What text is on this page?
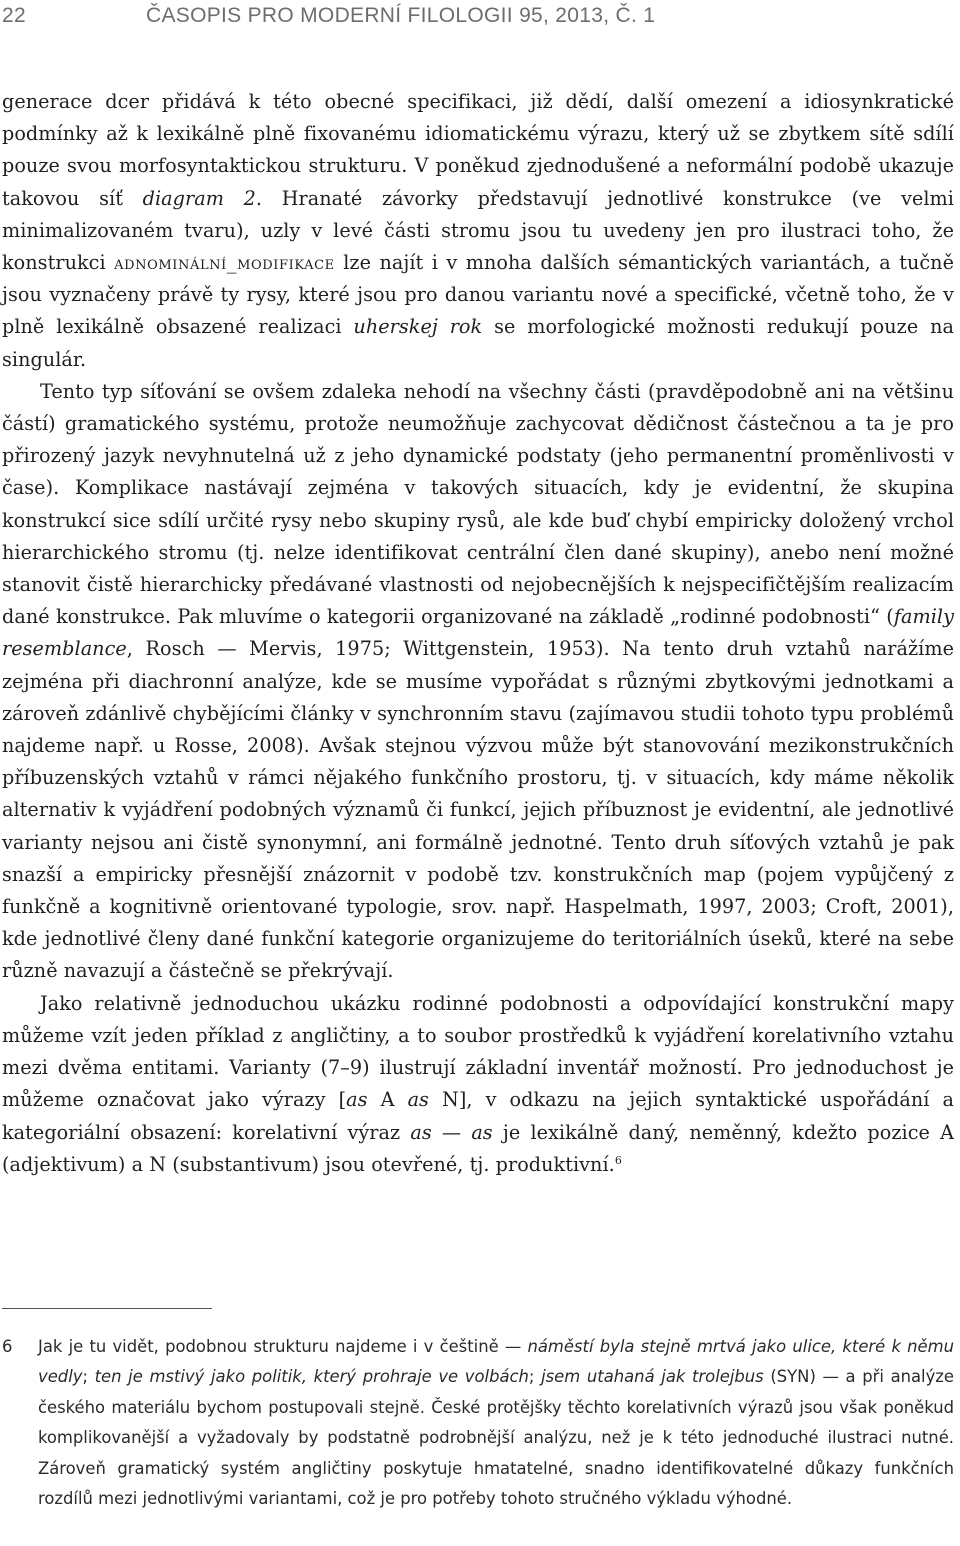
22	ČASOPIS PRO MODERNÍ FILOLOGII 95, 2013, Č. 1

generace dcer přidává k této obecné specifikaci, již dědí, další omezení a idiosynkratické podmínky až k lexikálně plně fixovanému idiomatickému výrazu, který už se zbytkem sítě sdílí pouze svou morfosyntaktickou strukturu. V poněkud zjednodušené a neformální podobě ukazuje takovou síť diagram 2. Hranaté závorky představují jednotlivé konstrukce (ve velmi minimalizovaném tvaru), uzly v levé části stromu jsou tu uvedeny jen pro ilustraci toho, že konstrukci adnominální_modifikace lze najít i v mnoha dalších sémantických variantách, a tučně jsou vyznačeny právě ty rysy, které jsou pro danou variantu nové a specifické, včetně toho, že v plně lexikálně obsazené realizaci uherskej rok se morfologické možnosti redukují pouze na singulár.

Tento typ síťování se ovšem zdaleka nehodí na všechny části (pravděpodobně ani na většinu částí) gramatického systému, protože neumožňuje zachycovat dědičnost částečnou a ta je pro přirozený jazyk nevyhnutelná už z jeho dynamické podstaty (jeho permanentní proměnlivosti v čase). Komplikace nastávají zejména v takových situacích, kdy je evidentní, že skupina konstrukcí sice sdílí určité rysy nebo skupiny rysů, ale kde buď chybí empiricky doložený vrchol hierarchického stromu (tj. nelze identifikovat centrální člen dané skupiny), anebo není možné stanovit čistě hierarchicky předávané vlastnosti od nejobecnějších k nejspecifičtějším realizacím dané konstrukce. Pak mluvíme o kategorii organizované na základě „rodinné podobnosti“ (family resemblance, Rosch — Mervis, 1975; Wittgenstein, 1953). Na tento druh vztahů narážíme zejména při diachronní analýze, kde se musíme vypořádat s různými zbytkovými jednotkami a zároveň zdánlivě chybějícími články v synchronním stavu (zajímavou studii tohoto typu problémů najdeme např. u Rosse, 2008). Avšak stejnou výzvou může být stanovování mezikonstrukčních příbuzenských vztahů v rámci nějakého funkčního prostoru, tj. v situacích, kdy máme několik alternativ k vyjádření podobných významů či funkcí, jejich příbuznost je evidentní, ale jednotlivé varianty nejsou ani čistě synonymní, ani formálně jednotné. Tento druh síťových vztahů je pak snazší a empiricky přesnější znázornit v podobě tzv. konstrukčních map (pojem vypůjčený z funkčně a kognitivně orientované typologie, srov. např. Haspelmath, 1997, 2003; Croft, 2001), kde jednotlivé členy dané funkční kategorie organizujeme do teritoriálních úseků, které na sebe různě navazují a částečně se překrývají.

Jako relativně jednoduchou ukázku rodinné podobnosti a odpovídající konstrukční mapy můžeme vzít jeden příklad z angličtiny, a to soubor prostředků k vyjádření korelativního vztahu mezi dvěma entitami. Varianty (7–9) ilustrují základní inventář možností. Pro jednoduchost je můžeme označovat jako výrazy [as A as N], v odkazu na jejich syntaktické uspořádání a kategoriální obsazení: korelativní výraz as — as je lexikálně daný, neměnný, kdežto pozice A (adjektivum) a N (substantivum) jsou otevřené, tj. produktivní.$^6$

6 Jak je tu vidět, podobnou strukturu najdeme i v češtině — náměstí byla stejně mrtvá jako ulice, které k němu vedly; ten je mstivý jako politik, který prohraje ve volbách; jsem utahaná jak trolejbus (SYN) — a při analýze českého materiálu bychom postupovali stejně. České protějšky těchto korelativních výrazů jsou však poněkud komplikovanější a vyžadovaly by podstatně podrobnější analýzu, než je k této jednoduché ilustraci nutné. Zároveň gramatický systém angličtiny poskytuje hmatatelné, snadno identifikovatelné důkazy funkčních rozdílů mezi jednotlivými variantami, což je pro potřeby tohoto stručného výkladu výhodné.
